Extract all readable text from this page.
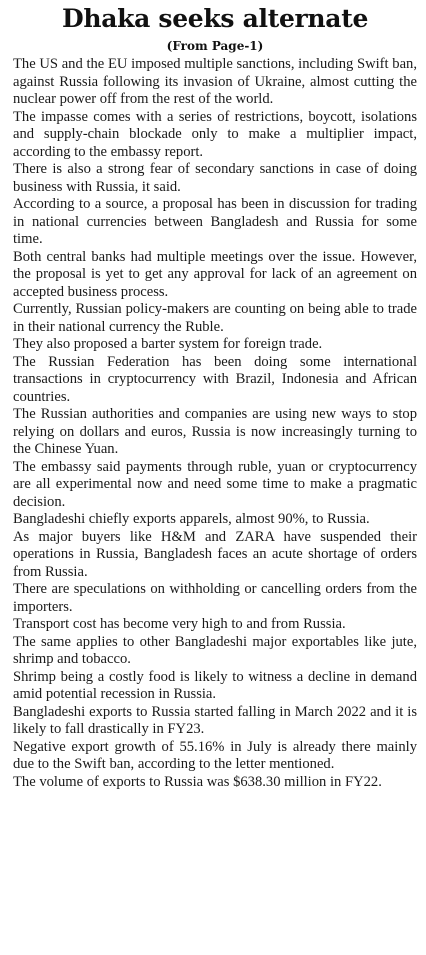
Dhaka seeks alternate
(From Page-1)

The US and the EU imposed multiple sanctions, including Swift ban, against Russia following its invasion of Ukraine, almost cutting the nuclear power off from the rest of the world.

The impasse comes with a series of restrictions, boycott, isolations and supply-chain blockade only to make a multiplier impact, according to the embassy report.

There is also a strong fear of secondary sanctions in case of doing business with Russia, it said.

According to a source, a proposal has been in discussion for trading in national currencies between Bangladesh and Russia for some time.

Both central banks had multiple meetings over the issue. However, the proposal is yet to get any approval for lack of an agreement on accepted business process.

Currently, Russian policy-makers are counting on being able to trade in their national currency the Ruble.

They also proposed a barter system for foreign trade.

The Russian Federation has been doing some international transactions in cryptocurrency with Brazil, Indonesia and African countries.

The Russian authorities and companies are using new ways to stop relying on dollars and euros, Russia is now increasingly turning to the Chinese Yuan.

The embassy said payments through ruble, yuan or cryptocurrency are all experimental now and need some time to make a pragmatic decision.

Bangladeshi chiefly exports apparels, almost 90%, to Russia.

As major buyers like H&M and ZARA have suspended their operations in Russia, Bangladesh faces an acute shortage of orders from Russia.

There are speculations on withholding or cancelling orders from the importers.

Transport cost has become very high to and from Russia.

The same applies to other Bangladeshi major exportables like jute, shrimp and tobacco.

Shrimp being a costly food is likely to witness a decline in demand amid potential recession in Russia.

Bangladeshi exports to Russia started falling in March 2022 and it is likely to fall drastically in FY23.

Negative export growth of 55.16% in July is already there mainly due to the Swift ban, according to the letter mentioned.

The volume of exports to Russia was $638.30 million in FY22.
